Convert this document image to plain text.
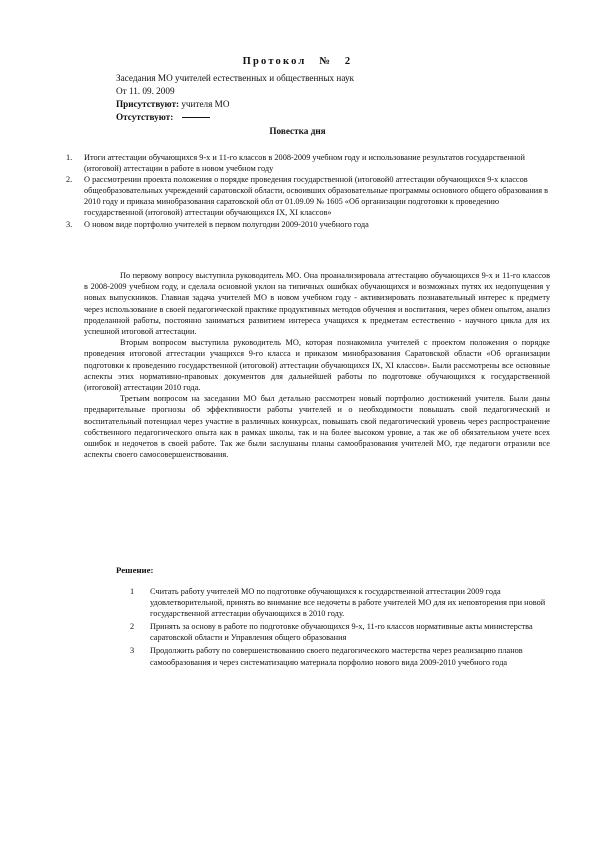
Протокол № 2
Заседания МО учителей естественных и общественных наук
От 11. 09. 2009
Присутствуют: учителя МО
Отсутствуют:
Повестка дня
1.	Итоги аттестации обучающихся 9-х и 11-го классов в 2008-2009 учебном году и использование результатов государственной (итоговой) аттестации в работе в новом учебном году
2.	О рассмотрении проекта положения о порядке проведения государственной (итоговой0 аттестации обучающихся 9-х классов общеобразовательных учреждений саратовской области, освоивших образовательные программы основного общего образования в 2010 году и приказа минобразования саратовской обл от 01.09.09 № 1605 «Об организации подготовки к проведению государственной (итоговой) аттестации обучающихся IX, XI классов»
3.	О новом виде портфолио учителей в первом полугодии 2009-2010 учебного года

По первому вопросу выступила руководитель МО. Она проанализировала аттестацию обучающихся 9-х и 11-го классов в 2008-2009 учебном году, и сделала основной уклон на типичных ошибках обучающихся и возможных путях их недопущения у новых выпускников. Главная задача учителей МО в новом учебном году - активизировать познавательный интерес к предмету через использование в своей педагогической практике продуктивных методов обучения и воспитания, через обмен опытом, анализ проделанной работы, постоянно заниматься развитием интереса учащихся к предметам естественно - научного цикла для их успешной итоговой аттестации.

Вторым вопросом выступила руководитель МО, которая познакомила учителей с проектом положения о порядке проведения итоговой аттестации учащихся 9-го класса и приказом минобразования Саратовской области «Об организации подготовки к проведению государственной (итоговой) аттестации обучающихся IX, XI классов». Были рассмотрены все основные аспекты этих нормативно-правовых документов для дальнейшей работы по подготовке обучающихся к государственной (итоговой) аттестации 2010 года.

Третьим вопросом на заседании МО был детально рассмотрен новый портфолио достижений учителя. Были даны предварительные прогнозы об эффективности работы учителей и о необходимости повышать свой педагогический и воспитательный потенциал через участие в различных конкурсах, повышать свой педагогический уровень через распространение собственного педагогического опыта как в рамках школы, так и на более высоком уровне, а так же об обязательном учете всех ошибок и недочетов в своей работе. Так же были заслушаны планы самообразования учителей МО, где педагоги отразили все аспекты своего самосовершенствования.

Решение:
1	Считать работу учителей МО по подготовке обучающихся к государственной аттестации 2009 года удовлетворительной, принять во внимание все недочеты в работе учителей МО для их неповторения при новой государственной аттестации обучающихся в 2010 году.
2	Принять за основу в работе по подготовке обучающихся 9-х, 11-го классов нормативные акты министерства саратовской области и Управления общего образования
3	Продолжить работу по совершенствованию своего педагогического мастерства через реализацию планов самообразования и через систематизацию материала порфолио нового вида 2009-2010 учебного года
